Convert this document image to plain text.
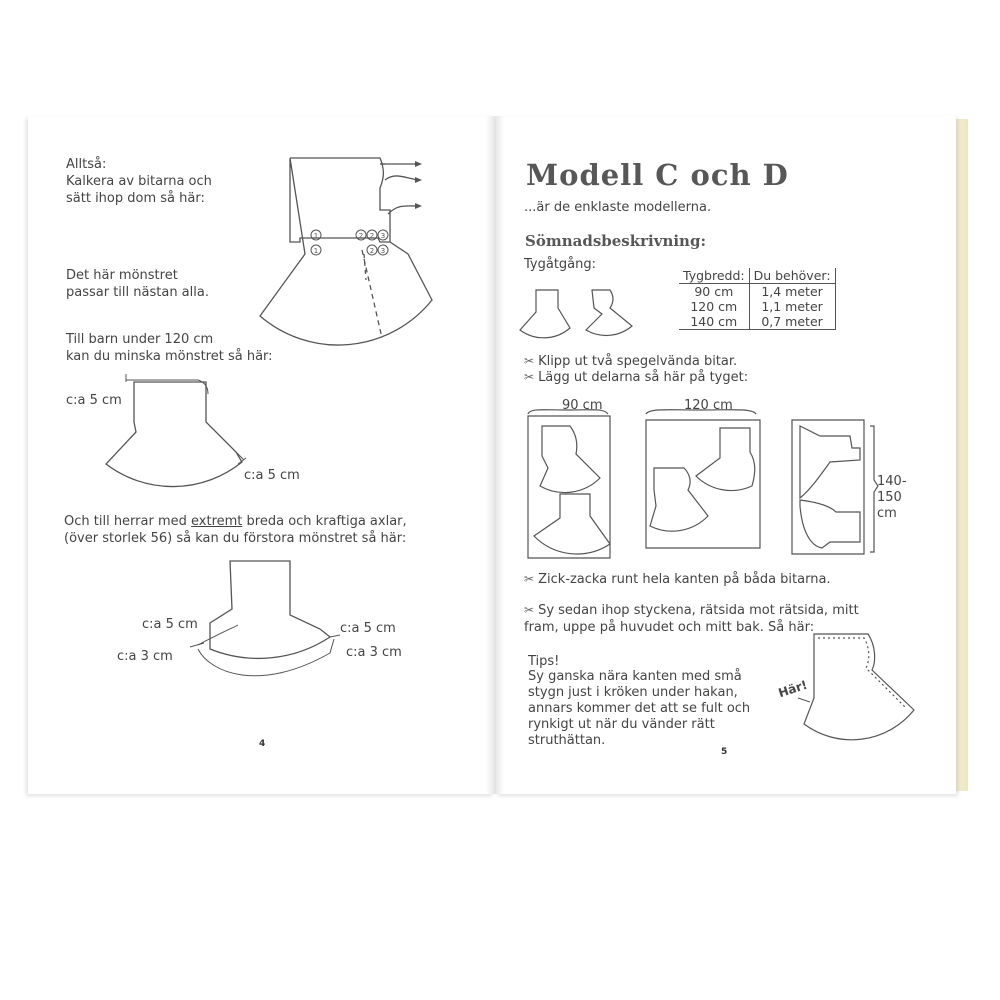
Alltså:
Kalkera av bitarna och
sätt ihop dom så här:
Det här mönstret
passar till nästan alla.
Till barn under 120 cm
kan du minska mönstret så här:
1
1
2 2 3
2 3
c:a 5 cm
c:a 5 cm
Och till herrar med extremt breda och kraftiga axlar,
(över storlek 56) så kan du förstora mönstret så här:
c:a 5 cm
c:a 3 cm
c:a 5 cm
c:a 3 cm
4
Modell C och D
...är de enklaste modellerna.
Sömnadsbeskrivning:
Tygåtgång:
Tygbredd:	Du behöver:
90 cm	1,4 meter
120 cm	1,1 meter
140 cm	0,7 meter
✂ Klipp ut två spegelvända bitar.
✂ Lägg ut delarna så här på tyget:
90 cm	120 cm
140-
150
cm
✂ Zick-zacka runt hela kanten på båda bitarna.
✂ Sy sedan ihop styckena, rätsida mot rätsida, mitt
fram, uppe på huvudet och mitt bak. Så här:
Tips!
Sy ganska nära kanten med små
stygn just i kröken under hakan,
annars kommer det att se fult och
rynkigt ut när du vänder rätt
struthättan.
Här!
5
